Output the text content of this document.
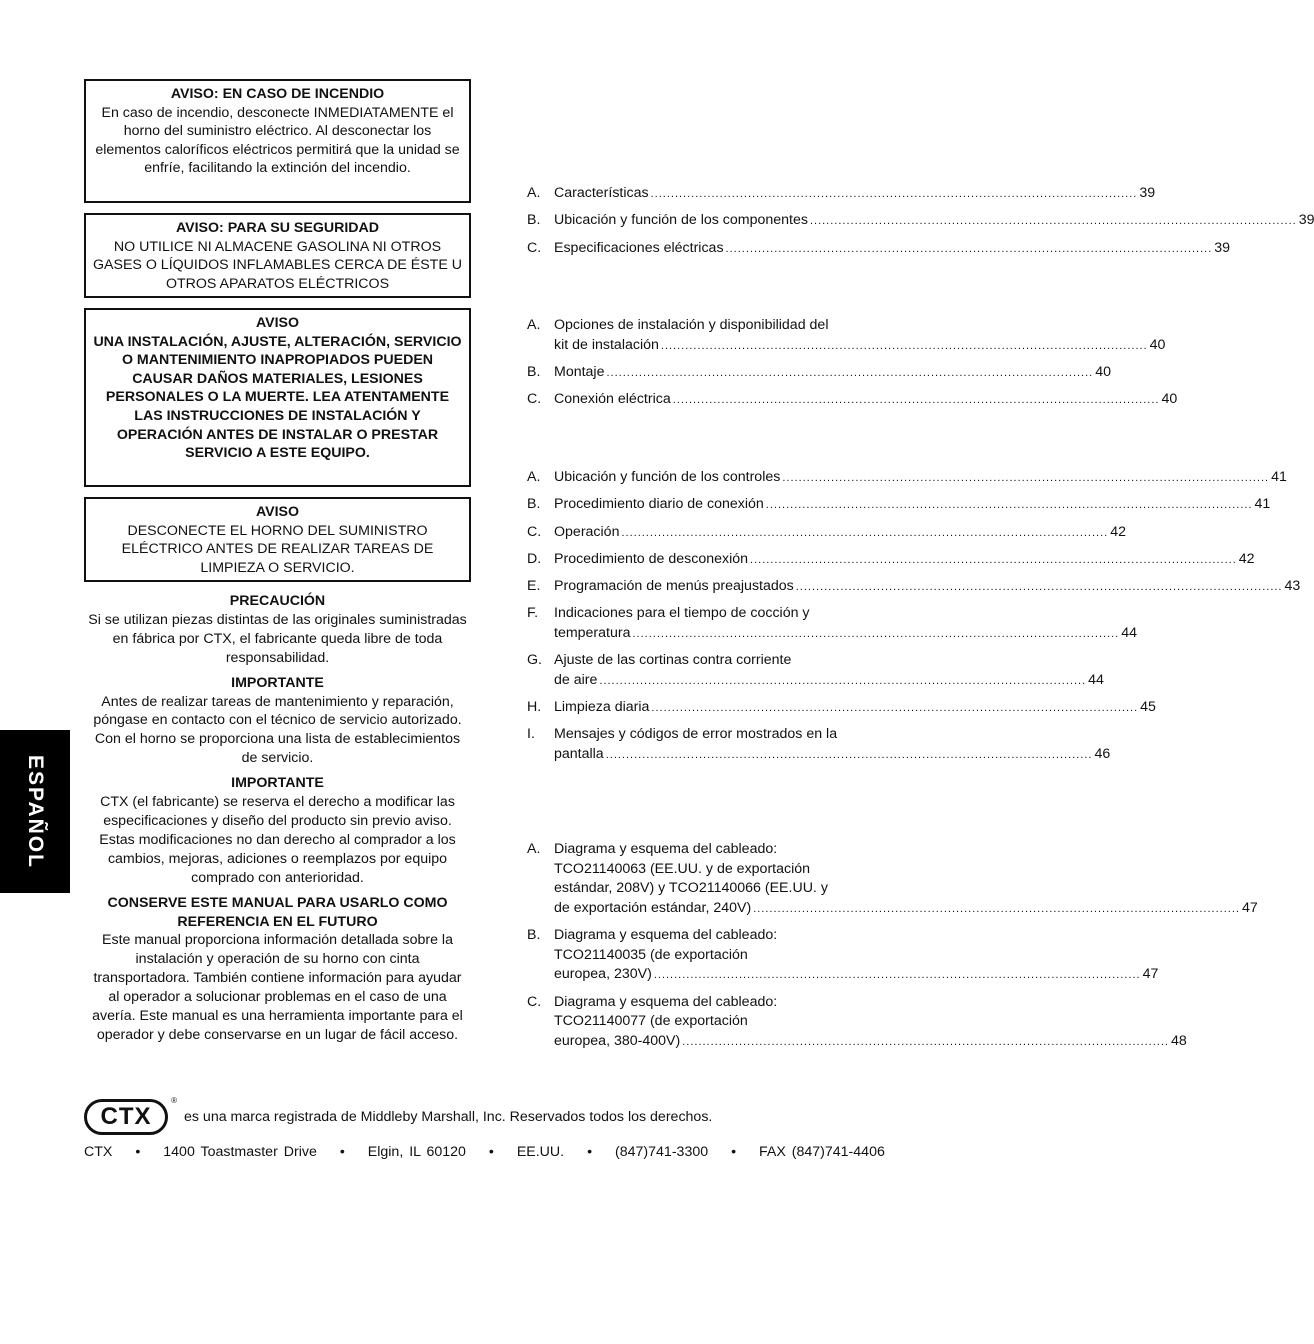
ESPAÑOL
AVISO: EN CASO DE INCENDIO
En caso de incendio, desconecte INMEDIATAMENTE el horno del suministro eléctrico. Al desconectar los elementos caloríficos eléctricos permitirá que la unidad se enfríe, facilitando la extinción del incendio.
AVISO: PARA SU SEGURIDAD
NO UTILICE NI ALMACENE GASOLINA NI OTROS GASES O LÍQUIDOS INFLAMABLES CERCA DE ÉSTE U OTROS APARATOS ELÉCTRICOS
AVISO
UNA INSTALACIÓN, AJUSTE, ALTERACIÓN, SERVICIO O MANTENIMIENTO INAPROPIADOS PUEDEN CAUSAR DAÑOS MATERIALES, LESIONES PERSONALES O LA MUERTE. LEA ATENTAMENTE LAS INSTRUCCIONES DE INSTALACIÓN Y OPERACIÓN ANTES DE INSTALAR O PRESTAR SERVICIO A ESTE EQUIPO.
AVISO
DESCONECTE EL HORNO DEL SUMINISTRO ELÉCTRICO ANTES DE REALIZAR TAREAS DE LIMPIEZA O SERVICIO.
PRECAUCIÓN
Si se utilizan piezas distintas de las originales suministradas en fábrica por CTX, el fabricante queda libre de toda responsabilidad.
IMPORTANTE
Antes de realizar tareas de mantenimiento y reparación, póngase en contacto con el técnico de servicio autorizado. Con el horno se proporciona una lista de establecimientos de servicio.
IMPORTANTE
CTX (el fabricante) se reserva el derecho a modificar las especificaciones y diseño del producto sin previo aviso. Estas modificaciones no dan derecho al comprador a los cambios, mejoras, adiciones o reemplazos por equipo comprado con anterioridad.
CONSERVE ESTE MANUAL PARA USARLO COMO REFERENCIA EN EL FUTURO
Este manual proporciona información detallada sobre la instalación y operación de su horno con cinta transportadora. También contiene información para ayudar al operador a solucionar problemas en el caso de una avería. Este manual es una herramienta importante para el operador y debe conservarse en un lugar de fácil acceso.
A. Características ........................................................................................................................ 39
B. Ubicación y función de los componentes ........................................................................................................................ 39
C. Especificaciones eléctricas ........................................................................................................................ 39
A. Opciones de instalación y disponibilidad del
kit de instalación ........................................................................................................................ 40
B. Montaje ........................................................................................................................ 40
C. Conexión eléctrica ........................................................................................................................ 40
A. Ubicación y función de los controles ........................................................................................................................ 41
B. Procedimiento diario de conexión ........................................................................................................................ 41
C. Operación ........................................................................................................................ 42
D. Procedimiento de desconexión ........................................................................................................................ 42
E. Programación de menús preajustados ........................................................................................................................ 43
F.	Indicaciones para el tiempo de cocción y
temperatura ........................................................................................................................ 44
G. Ajuste de las cortinas contra corriente
de aire ........................................................................................................................ 44
H. Limpieza diaria ........................................................................................................................ 45
I.	Mensajes y códigos de error mostrados en la
pantalla ........................................................................................................................ 46
A. Diagrama y esquema del cableado:
TCO21140063 (EE.UU. y de exportación
estándar, 208V) y TCO21140066 (EE.UU. y
de exportación estándar, 240V) ........................................................................................................................ 47
B. Diagrama y esquema del cableado:
TCO21140035 (de exportación
europea, 230V) ........................................................................................................................ 47
C. Diagrama y esquema del cableado:
TCO21140077 (de exportación
europea, 380-400V) ........................................................................................................................ 48
CTX
®
es una marca registrada de Middleby Marshall, Inc. Reservados todos los derechos.
CTX • 1400 Toastmaster Drive • Elgin, IL 60120 • EE.UU. • (847)741-3300 • FAX (847)741-4406
